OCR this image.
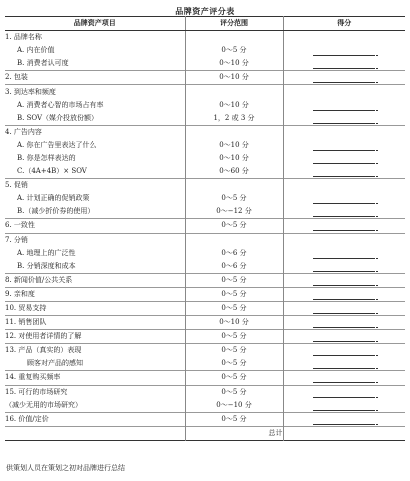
品牌资产评分表
品牌资产项目	评分范围	得分
1. 品牌名称		
A. 内在价值	0～5 分	

B. 消费者认可度	0～10 分	

2. 包装	0～10 分	

3. 到达率和频度		
A. 消费者心智的市场占有率	0～10 分	

B. SOV（媒介投放份额）	1，2 或 3 分	

4. 广告内容		
A. 你在广告里表达了什么	0～10 分	

B. 你是怎样表达的	0～10 分	

C.（4A+4B）× SOV	0～60 分	

5. 促销		
A. 计划正确的促销政策	0～5 分	

B.（减少折价券的使用）	0～−12 分	

6. 一致性	0～5 分	

7. 分销		
A. 地理上的广泛性	0～6 分	

B. 分销深度和成本	0～6 分	

8. 新闻价值/公共关系	0～5 分	

9. 亲和度	0～5 分	

10. 贸易支持	0～5 分	

11. 销售团队	0～10 分	

12. 对使用者详情的了解	0～5 分	

13. 产品（真实的）表现	0～5 分	

顾客对产品的感知	0～5 分	

14. 重复购买频率	0～5 分	

15. 可行的市场研究	0～5 分	

（减少无用的市场研究）	0～−10 分	

16. 价值/定价	0～5 分	

	总计	
供策划人员在策划之初对品牌进行总结
